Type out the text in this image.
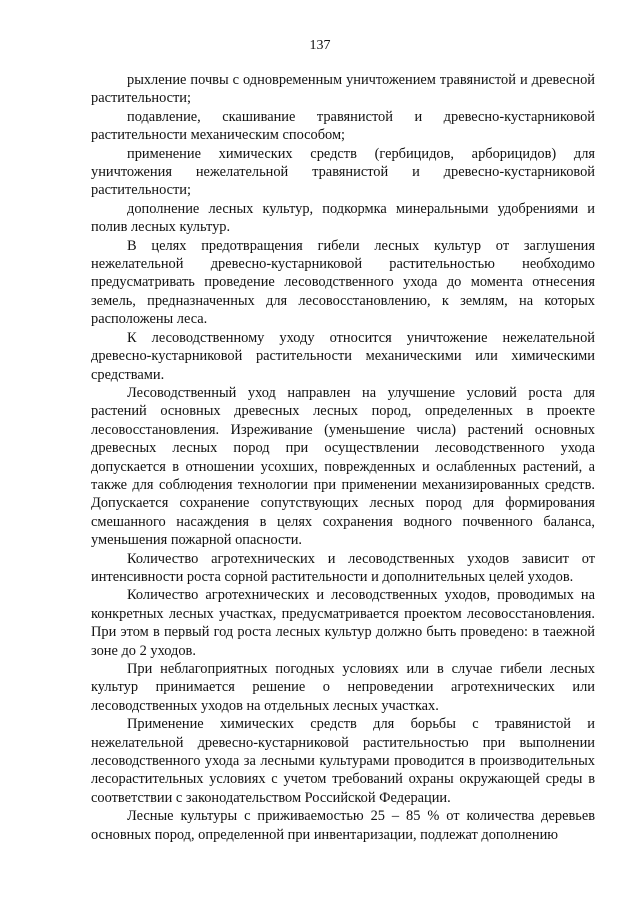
137

рыхление почвы с одновременным уничтожением травянистой и древесной растительности;

подавление, скашивание травянистой и древесно-кустарниковой растительности механическим способом;

применение химических средств (гербицидов, арборицидов) для уничтожения нежелательной травянистой и древесно-кустарниковой растительности;

дополнение лесных культур, подкормка минеральными удобрениями и полив лесных культур.

В целях предотвращения гибели лесных культур от заглушения нежелательной древесно-кустарниковой растительностью необходимо предусматривать проведение лесоводственного ухода до момента отнесения земель, предназначенных для лесовосстановлению, к землям, на которых расположены леса.

К лесоводственному уходу относится уничтожение нежелательной древесно-кустарниковой растительности механическими или химическими средствами.

Лесоводственный уход направлен на улучшение условий роста для растений основных древесных лесных пород, определенных в проекте лесовосстановления. Изреживание (уменьшение числа) растений основных древесных лесных пород при осуществлении лесоводственного ухода допускается в отношении усохших, поврежденных и ослабленных растений, а также для соблюдения технологии при применении механизированных средств. Допускается сохранение сопутствующих лесных пород для формирования смешанного насаждения в целях сохранения водного почвенного баланса, уменьшения пожарной опасности.

Количество агротехнических и лесоводственных уходов зависит от интенсивности роста сорной растительности и дополнительных целей уходов.

Количество агротехнических и лесоводственных уходов, проводимых на конкретных лесных участках, предусматривается проектом лесовосстановления. При этом в первый год роста лесных культур должно быть проведено: в таежной зоне до 2 уходов.

При неблагоприятных погодных условиях или в случае гибели лесных культур принимается решение о непроведении агротехнических или лесоводственных уходов на отдельных лесных участках.

Применение химических средств для борьбы с травянистой и нежелательной древесно-кустарниковой растительностью при выполнении лесоводственного ухода за лесными культурами проводится в производительных лесорастительных условиях с учетом требований охраны окружающей среды в соответствии с законодательством Российской Федерации.

Лесные культуры с приживаемостью 25 – 85 % от количества деревьев основных пород, определенной при инвентаризации, подлежат дополнению
